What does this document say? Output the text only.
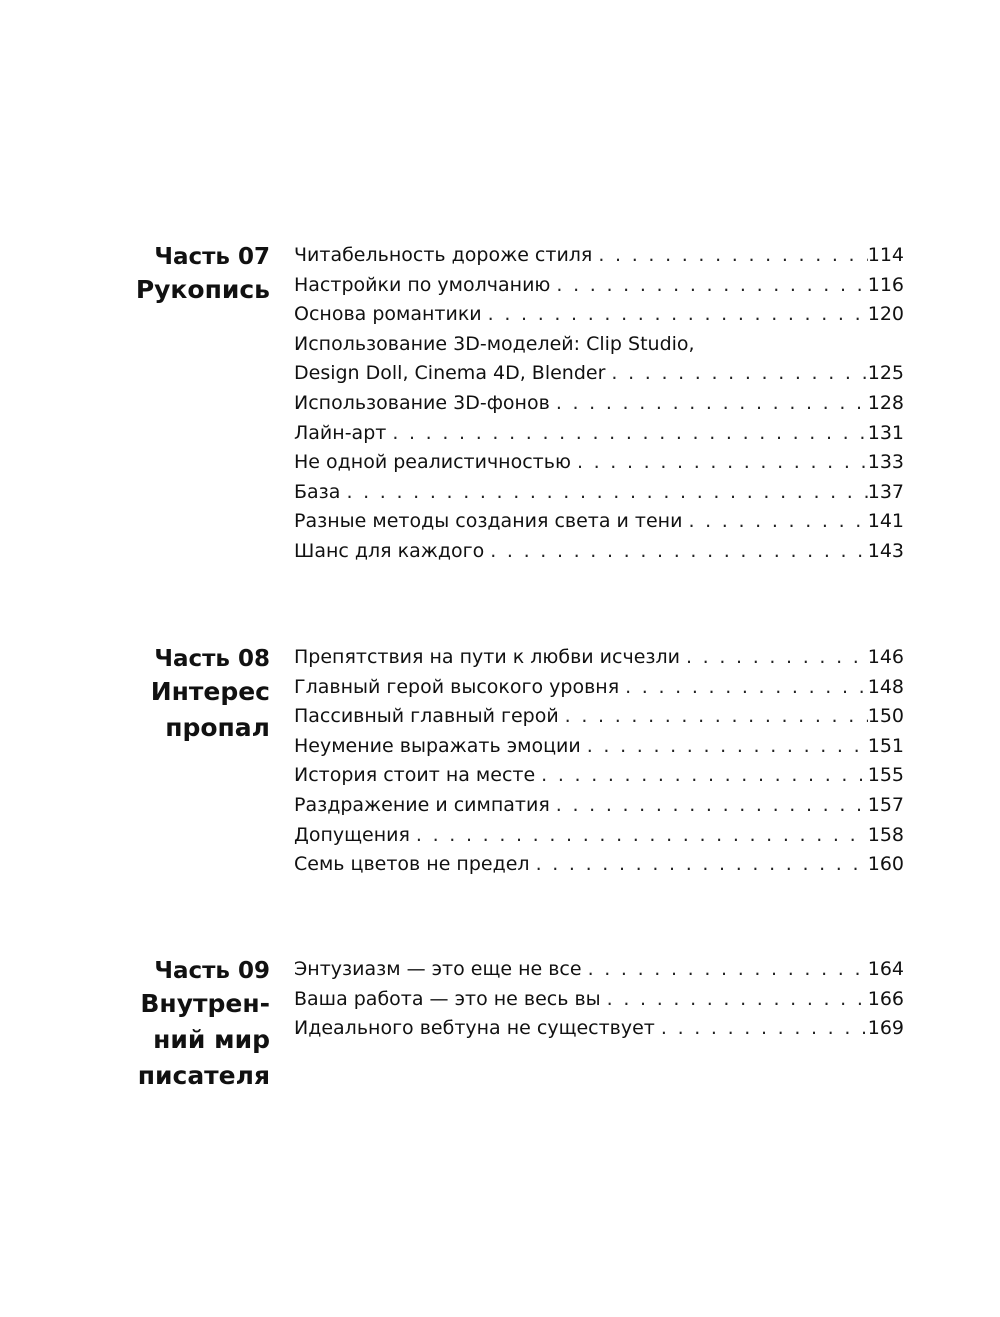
Часть 07
Рукопись
Читабельность дороже стиля . . .	114
Настройки по умолчанию . . .	116
Основа романтики . . .	120
Использование 3D-моделей: Clip Studio,
Design Doll, Cinema 4D, Blender . . .	125
Использование 3D-фонов . . .	128
Лайн-арт . . .	131
Не одной реалистичностью . . .	133
База . . .	137
Разные методы создания света и тени . . .	141
Шанс для каждого . . .	143
Часть 08
Интерес
пропал
Препятствия на пути к любви исчезли . . .	146
Главный герой высокого уровня . . .	148
Пассивный главный герой . . .	150
Неумение выражать эмоции . . .	151
История стоит на месте . . .	155
Раздражение и симпатия . . .	157
Допущения . . .	158
Семь цветов не предел . . .	160
Часть 09
Внутрен-
ний мир
писателя
Энтузиазм — это еще не все . . .	164
Ваша работа — это не весь вы . . .	166
Идеального вебтуна не существует . . .	169
